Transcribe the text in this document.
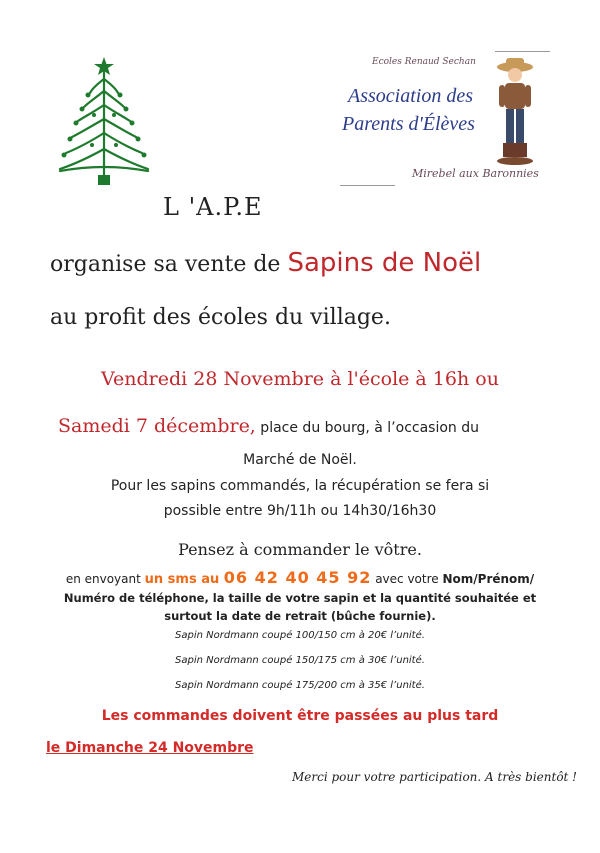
Ecoles Renaud Sechan
Association des
Parents d'Élèves
Mirebel aux Baronnies
L 'A.P.E
organise sa vente de Sapins de Noël
au profit des écoles du village.
Vendredi 28 Novembre à l'école à 16h ou
Samedi 7 décembre, place du bourg, à l’occasion du
Marché de Noël.
Pour les sapins commandés, la récupération se fera si
possible entre 9h/11h ou 14h30/16h30
Pensez à commander le vôtre.
en envoyant un sms au 06 42 40 45 92 avec votre Nom/Prénom/
Numéro de téléphone, la taille de votre sapin et la quantité souhaitée et
surtout la date de retrait (bûche fournie).
Sapin Nordmann coupé 100/150 cm à 20€ l’unité.
Sapin Nordmann coupé 150/175 cm à 30€ l’unité.
Sapin Nordmann coupé 175/200 cm à 35€ l’unité.
Les commandes doivent être passées au plus tard
le Dimanche 24 Novembre
Merci pour votre participation. A très bientôt !
